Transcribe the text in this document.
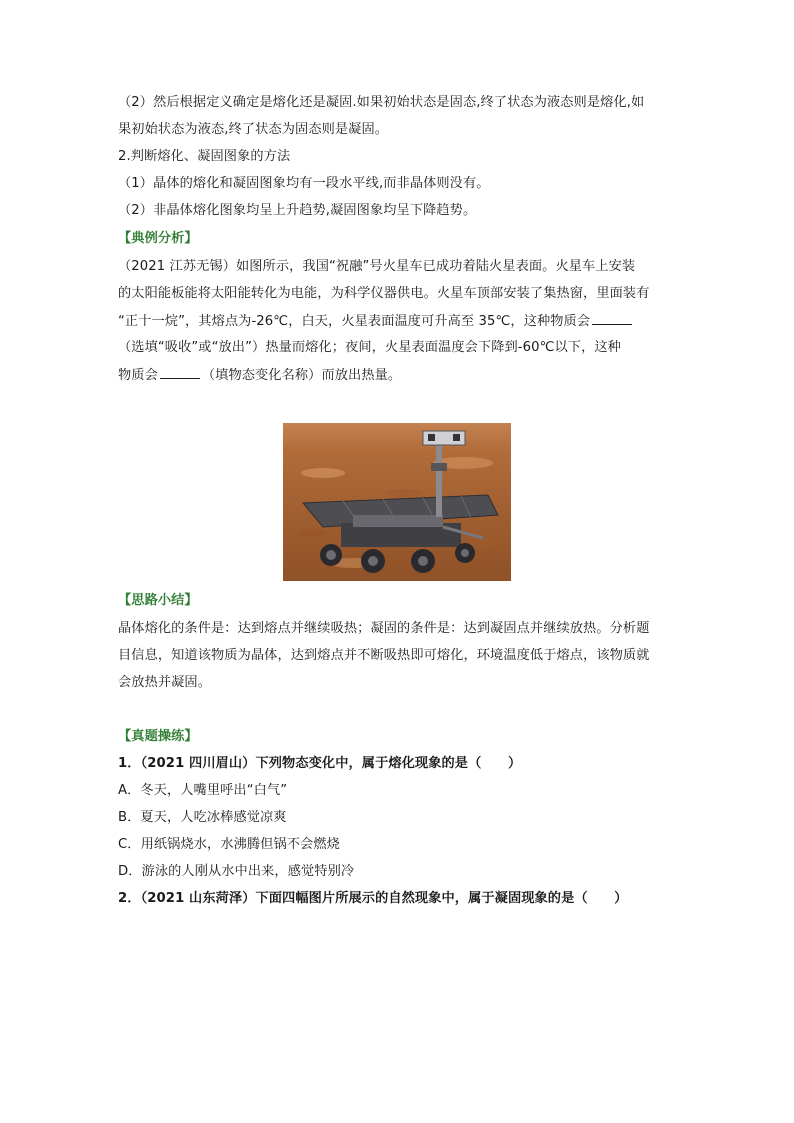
（2）然后根据定义确定是熔化还是凝固.如果初始状态是固态,终了状态为液态则是熔化,如
果初始状态为液态,终了状态为固态则是凝固。
2.判断熔化、凝固图象的方法
（1）晶体的熔化和凝固图象均有一段水平线,而非晶体则没有。
（2）非晶体熔化图象均呈上升趋势,凝固图象均呈下降趋势。
【典例分析】
（2021 江苏无锡）如图所示，我国“祝融”号火星车已成功着陆火星表面。火星车上安装
的太阳能板能将太阳能转化为电能，为科学仪器供电。火星车顶部安装了集热窗，里面装有
“正十一烷”，其熔点为-26℃，白天，火星表面温度可升高至 35℃，这种物质会
（选填“吸收”或“放出”）热量而熔化；夜间，火星表面温度会下降到-60℃以下，这种
物质会	（填物态变化名称）而放出热量。
【思路小结】
晶体熔化的条件是：达到熔点并继续吸热；凝固的条件是：达到凝固点并继续放热。分析题
目信息，知道该物质为晶体，达到熔点并不断吸热即可熔化，环境温度低于熔点，该物质就
会放热并凝固。
【真题操练】
1．（2021 四川眉山）下列物态变化中，属于熔化现象的是（　　）
A．冬天，人嘴里呼出“白气”
B．夏天，人吃冰棒感觉凉爽
C．用纸锅烧水，水沸腾但锅不会燃烧
D．游泳的人刚从水中出来，感觉特别冷
2．（2021 山东菏泽）下面四幅图片所展示的自然现象中，属于凝固现象的是（　　）
